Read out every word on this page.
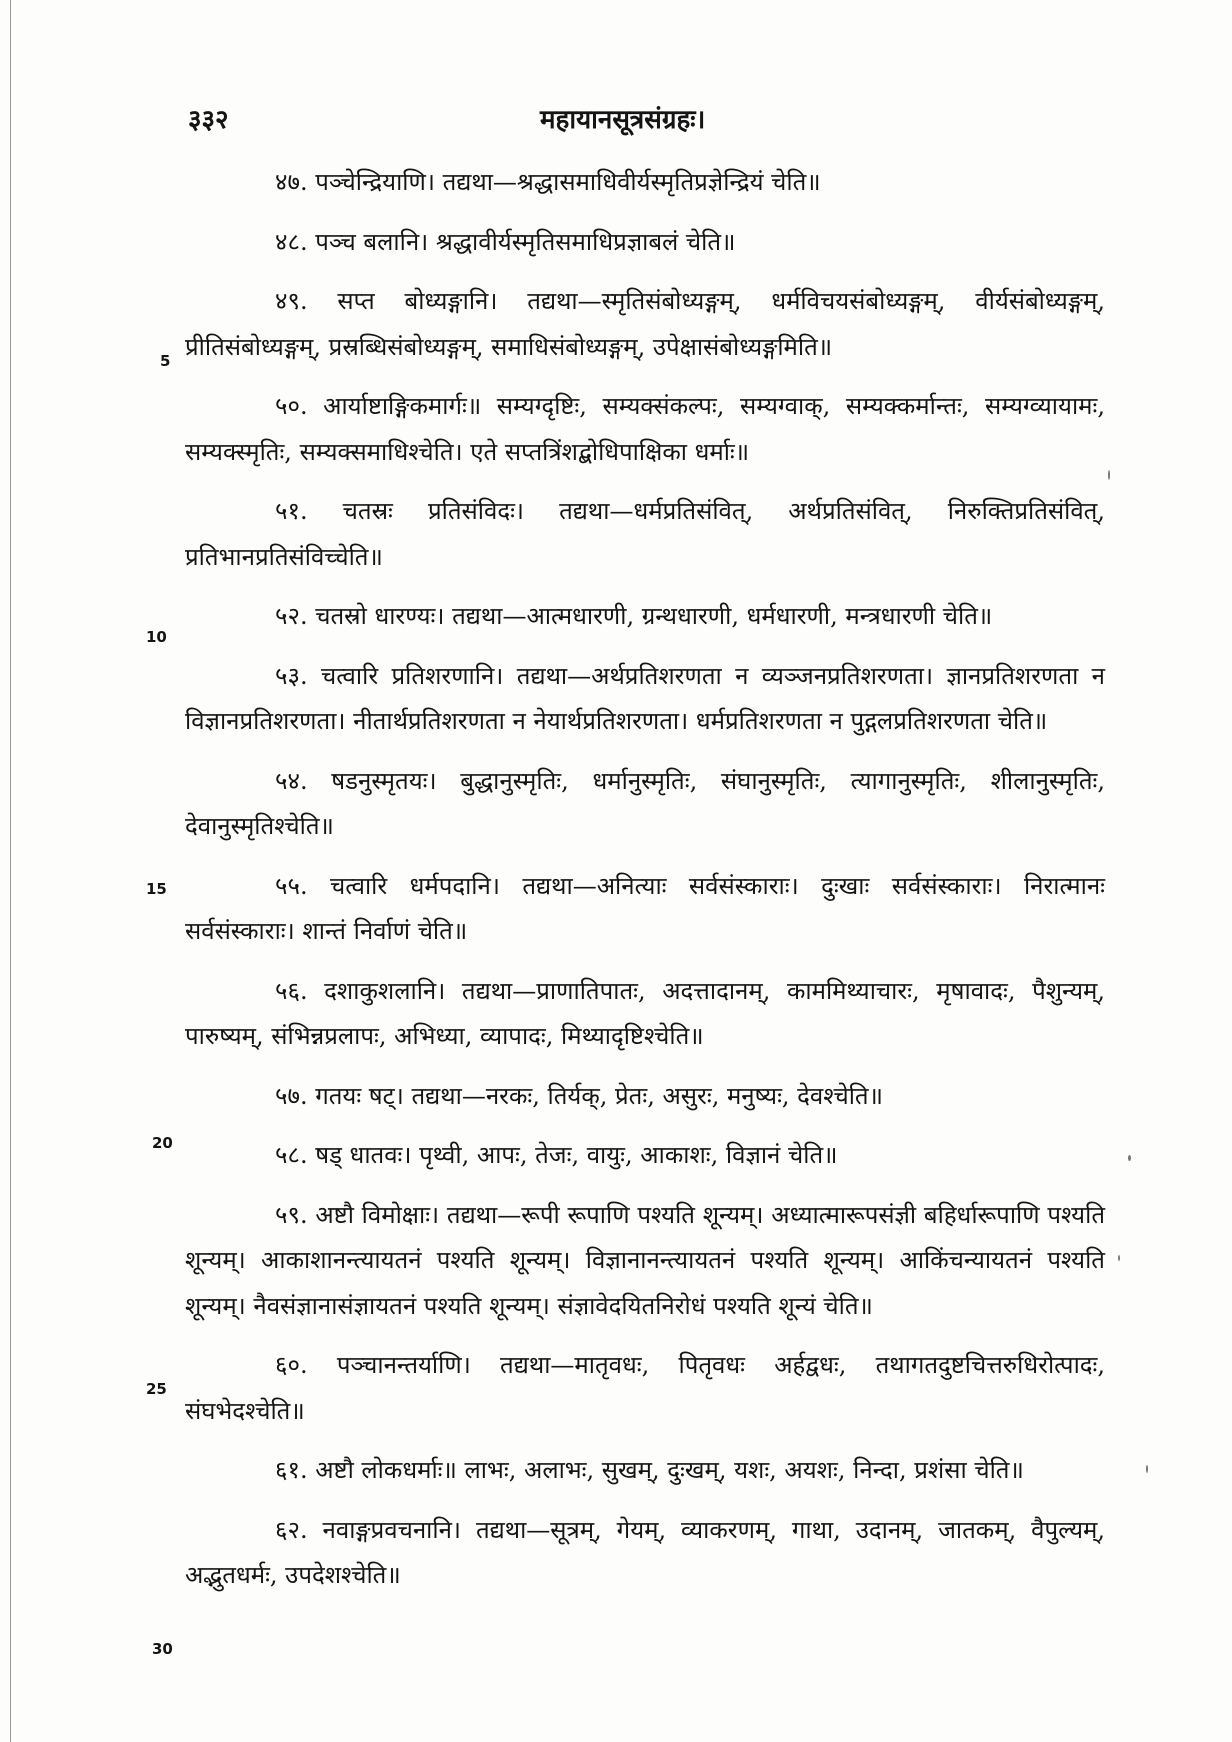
३३२	महायानसूत्रसंग्रहः।
5
10
15
20
25
30

४७. पञ्चेन्द्रियाणि। तद्यथा—श्रद्धासमाधिवीर्यस्मृतिप्रज्ञेन्द्रियं चेति॥

४८. पञ्च बलानि। श्रद्धावीर्यस्मृतिसमाधिप्रज्ञाबलं चेति॥

४९. सप्त बोध्यङ्गानि। तद्यथा—स्मृतिसंबोध्यङ्गम्, धर्मविचयसंबोध्यङ्गम्, वीर्यसंबोध्यङ्गम्, प्रीतिसंबोध्यङ्गम्, प्रस्रब्धिसंबोध्यङ्गम्, समाधिसंबोध्यङ्गम्, उपेक्षासंबोध्यङ्गमिति॥

५०. आर्याष्टाङ्गिकमार्गः॥ सम्यग्दृष्टिः, सम्यक्संकल्पः, सम्यग्वाक्, सम्यक्कर्मान्तः, सम्यग्व्यायामः, सम्यक्स्मृतिः, सम्यक्समाधिश्चेति। एते सप्तत्रिंशद्बोधिपाक्षिका धर्माः॥

५१. चतस्रः प्रतिसंविदः। तद्यथा—धर्मप्रतिसंवित्, अर्थप्रतिसंवित्, निरुक्तिप्रतिसंवित्, प्रतिभानप्रतिसंविच्चेति॥

५२. चतस्रो धारण्यः। तद्यथा—आत्मधारणी, ग्रन्थधारणी, धर्मधारणी, मन्त्रधारणी चेति॥

५३. चत्वारि प्रतिशरणानि। तद्यथा—अर्थप्रतिशरणता न व्यञ्जनप्रतिशरणता। ज्ञानप्रतिशरणता न विज्ञानप्रतिशरणता। नीतार्थप्रतिशरणता न नेयार्थप्रतिशरणता। धर्मप्रतिशरणता न पुद्गलप्रतिशरणता चेति॥

५४. षडनुस्मृतयः। बुद्धानुस्मृतिः, धर्मानुस्मृतिः, संघानुस्मृतिः, त्यागानुस्मृतिः, शीलानुस्मृतिः, देवानुस्मृतिश्चेति॥

५५. चत्वारि धर्मपदानि। तद्यथा—अनित्याः सर्वसंस्काराः। दुःखाः सर्वसंस्काराः। निरात्मानः सर्वसंस्काराः। शान्तं निर्वाणं चेति॥

५६. दशाकुशलानि। तद्यथा—प्राणातिपातः, अदत्तादानम्, काममिथ्याचारः, मृषावादः, पैशुन्यम्, पारुष्यम्, संभिन्नप्रलापः, अभिध्या, व्यापादः, मिथ्यादृष्टिश्चेति॥

५७. गतयः षट्। तद्यथा—नरकः, तिर्यक्, प्रेतः, असुरः, मनुष्यः, देवश्चेति॥

५८. षड् धातवः। पृथ्वी, आपः, तेजः, वायुः, आकाशः, विज्ञानं चेति॥

५९. अष्टौ विमोक्षाः। तद्यथा—रूपी रूपाणि पश्यति शून्यम्। अध्यात्मारूपसंज्ञी बहिर्धारूपाणि पश्यति शून्यम्। आकाशानन्त्यायतनं पश्यति शून्यम्। विज्ञानानन्त्यायतनं पश्यति शून्यम्। आकिंचन्यायतनं पश्यति शून्यम्। नैवसंज्ञानासंज्ञायतनं पश्यति शून्यम्। संज्ञावेदयितनिरोधं पश्यति शून्यं चेति॥

६०. पञ्चानन्तर्याणि। तद्यथा—मातृवधः, पितृवधः अर्हद्वधः, तथागतदुष्टचित्तरुधिरोत्पादः, संघभेदश्चेति॥

६१. अष्टौ लोकधर्माः॥ लाभः, अलाभः, सुखम्, दुःखम्, यशः, अयशः, निन्दा, प्रशंसा चेति॥

६२. नवाङ्गप्रवचनानि। तद्यथा—सूत्रम्, गेयम्, व्याकरणम्, गाथा, उदानम्, जातकम्, वैपुल्यम्, अद्भुतधर्मः, उपदेशश्चेति॥
